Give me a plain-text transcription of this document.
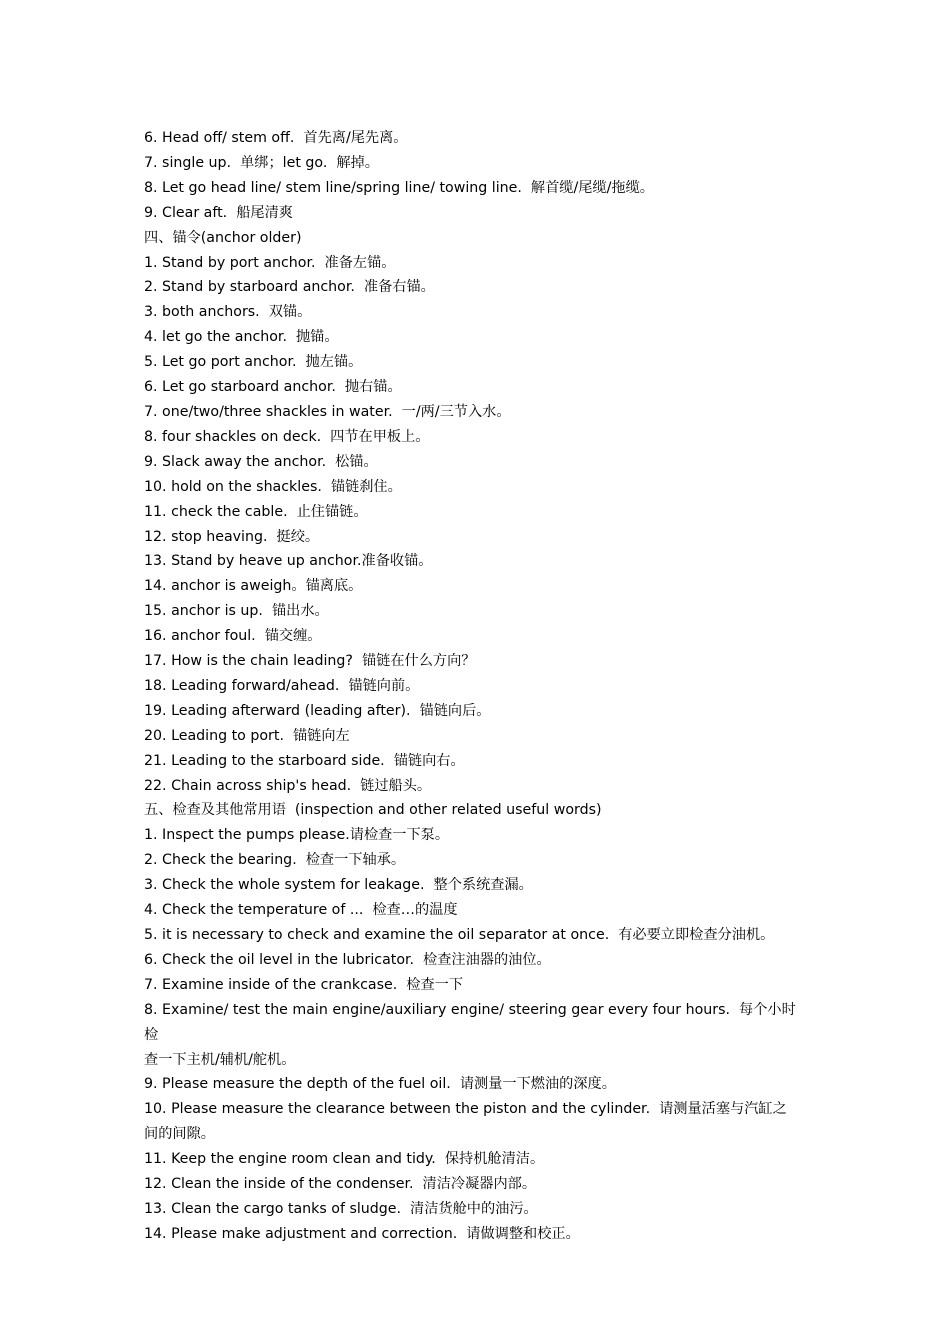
6. Head off/ stem off.  首先离/尾先离。

7. single up.  单绑；let go.  解掉。

8. Let go head line/ stem line/spring line/ towing line.  解首缆/尾缆/拖缆。

9. Clear aft.  船尾清爽

四、锚令(anchor older)

1. Stand by port anchor.  准备左锚。

2. Stand by starboard anchor.  准备右锚。

3. both anchors.  双锚。

4. let go the anchor.  抛锚。

5. Let go port anchor.  抛左锚。

6. Let go starboard anchor.  抛右锚。

7. one/two/three shackles in water.  一/两/三节入水。

8. four shackles on deck.  四节在甲板上。

9. Slack away the anchor.  松锚。

10. hold on the shackles.  锚链刹住。

11. check the cable.  止住锚链。

12. stop heaving.  挺绞。

13. Stand by heave up anchor.准备收锚。

14. anchor is aweigh。锚离底。

15. anchor is up.  锚出水。

16. anchor foul.  锚交缠。

17. How is the chain leading?  锚链在什么方向？

18. Leading forward/ahead.  锚链向前。

19. Leading afterward (leading after).  锚链向后。

20. Leading to port.  锚链向左

21. Leading to the starboard side.  锚链向右。

22. Chain across ship's head.  链过船头。

五、检查及其他常用语  (inspection and other related useful words)

1. Inspect the pumps please.请检查一下泵。

2. Check the bearing.  检查一下轴承。

3. Check the whole system for leakage.  整个系统查漏。

4. Check the temperature of ...  检查…的温度

5. it is necessary to check and examine the oil separator at once.  有必要立即检查分油机。

6. Check the oil level in the lubricator.  检查注油器的油位。

7. Examine inside of the crankcase.  检查一下

8. Examine/ test the main engine/auxiliary engine/ steering gear every four hours.  每个小时检

查一下主机/辅机/舵机。

9. Please measure the depth of the fuel oil.  请测量一下燃油的深度。

10. Please measure the clearance between the piston and the cylinder.  请测量活塞与汽缸之

间的间隙。

11. Keep the engine room clean and tidy.  保持机舱清洁。

12. Clean the inside of the condenser.  清洁冷凝器内部。

13. Clean the cargo tanks of sludge.  清洁货舱中的油污。

14. Please make adjustment and correction.  请做调整和校正。
